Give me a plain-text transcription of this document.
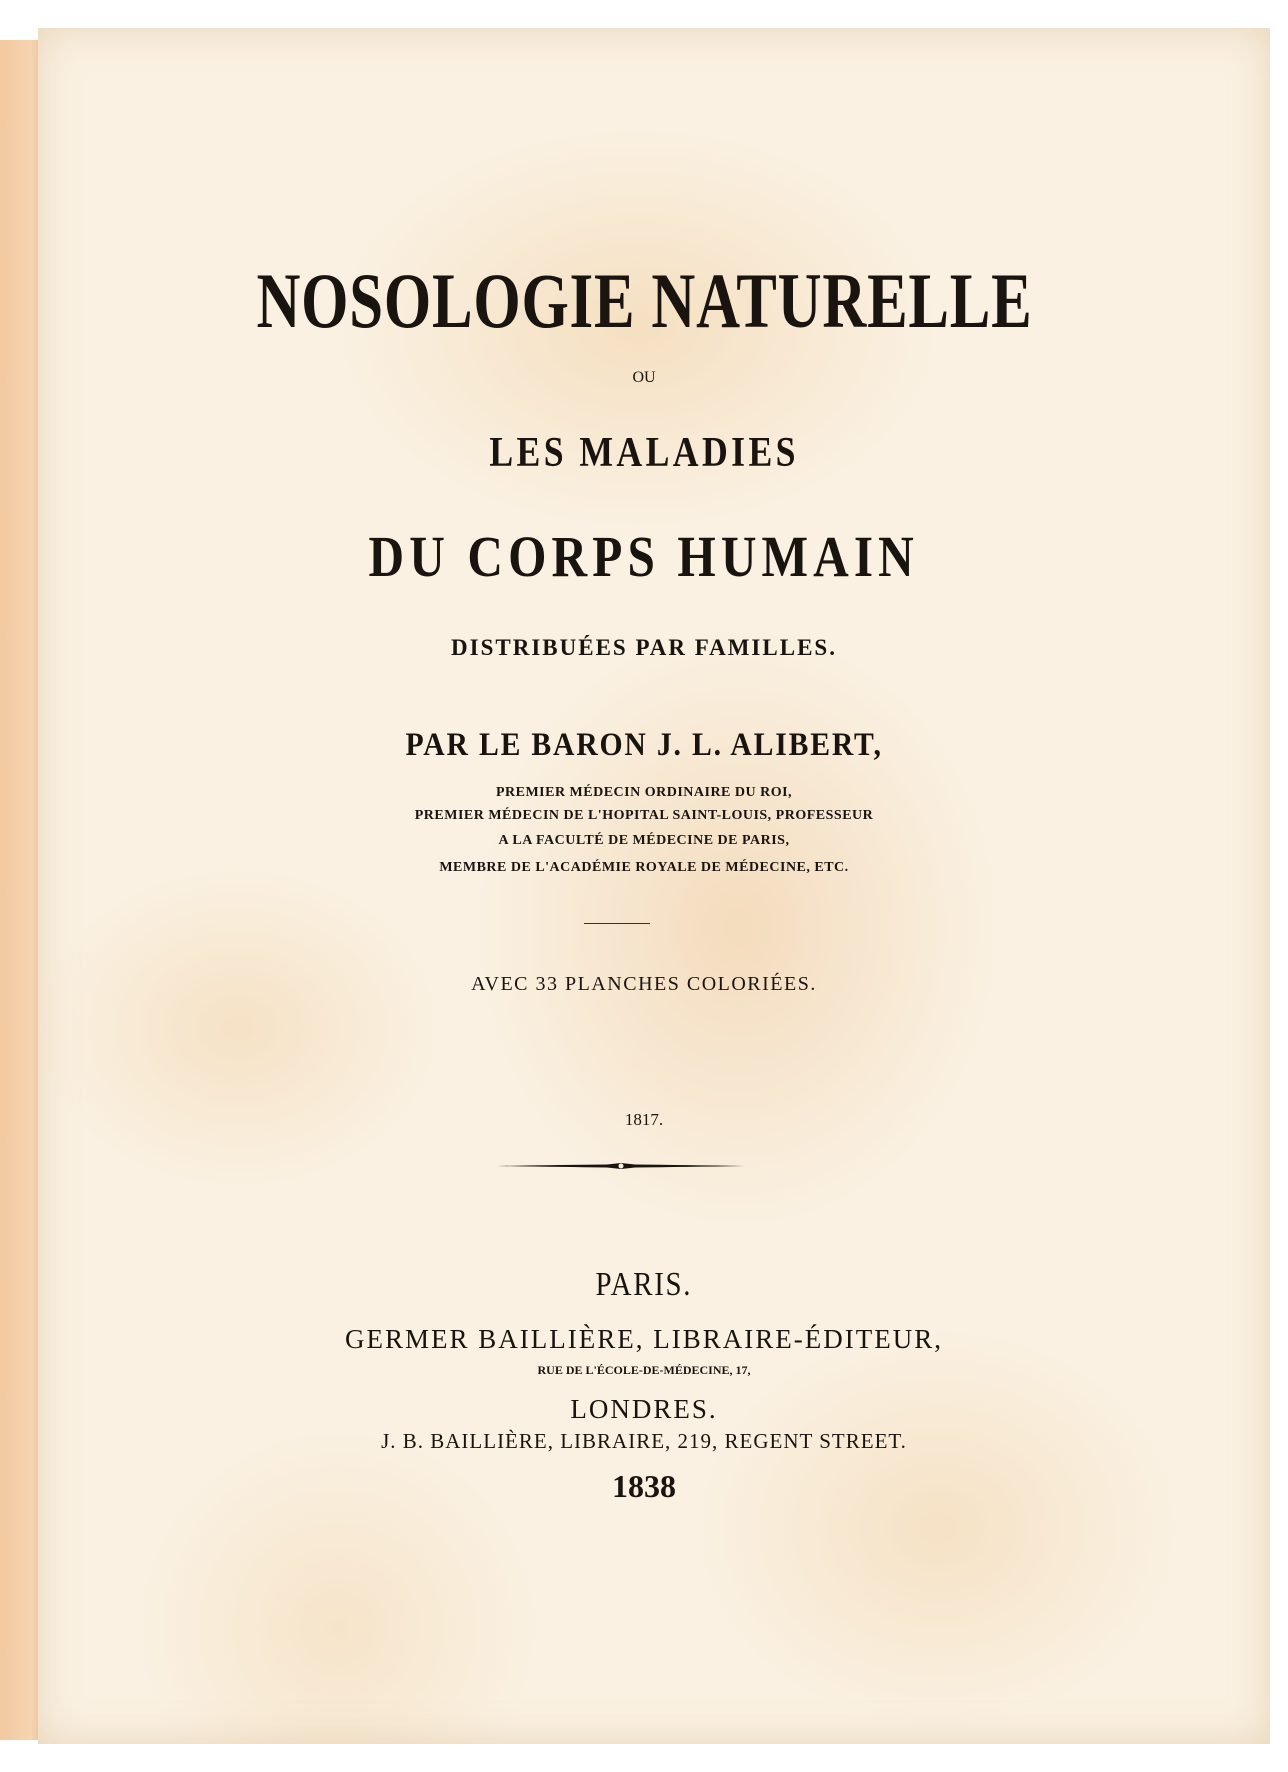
NOSOLOGIE NATURELLE
OU
LES MALADIES
DU CORPS HUMAIN
DISTRIBUÉES PAR FAMILLES.
PAR LE BARON J. L. ALIBERT,
PREMIER MÉDECIN ORDINAIRE DU ROI,
PREMIER MÉDECIN DE L'HOPITAL SAINT-LOUIS, PROFESSEUR
A LA FACULTÉ DE MÉDECINE DE PARIS,
MEMBRE DE L'ACADÉMIE ROYALE DE MÉDECINE, ETC.
AVEC 33 PLANCHES COLORIÉES.
1817.
PARIS.
GERMER BAILLIÈRE, LIBRAIRE-ÉDITEUR,
RUE DE L'ÉCOLE-DE-MÉDECINE, 17,
LONDRES.
J. B. BAILLIÈRE, LIBRAIRE, 219, REGENT STREET.
1838
